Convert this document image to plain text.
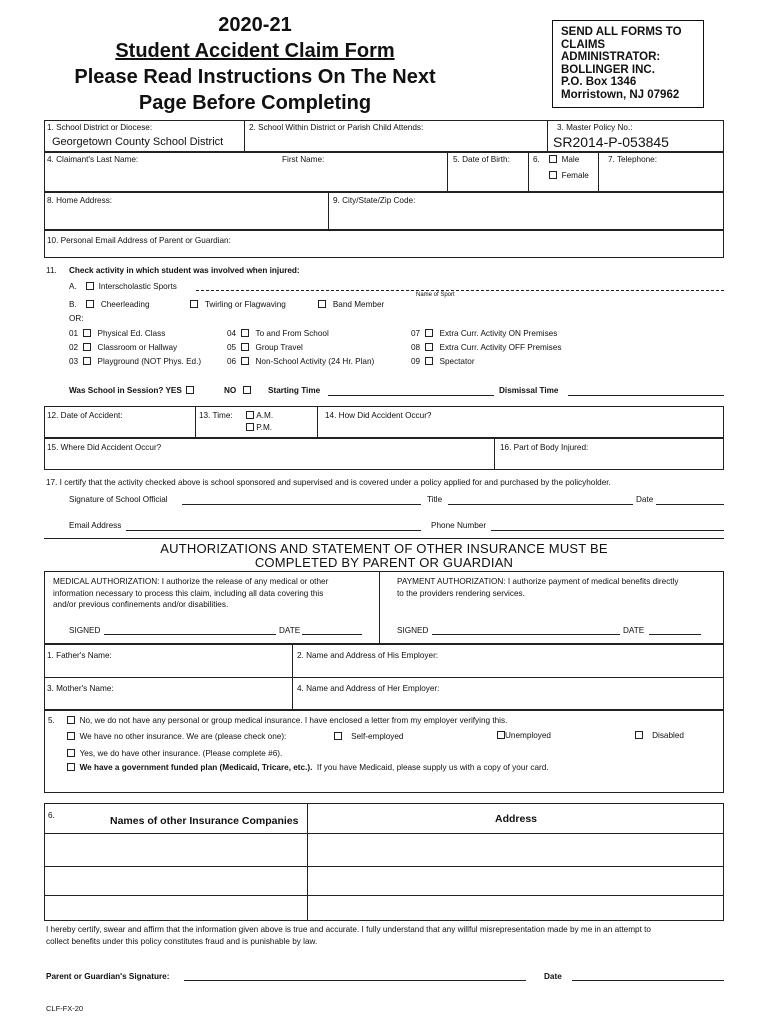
2020-21
Student Accident Claim Form
Please Read Instructions On The Next
Page Before Completing
SEND ALL FORMS TO
CLAIMS
ADMINISTRATOR:
BOLLINGER INC.
P.O. Box 1346
Morristown, NJ 07962
1. School District or Diocese:
Georgetown County School District
2. School Within District or Parish Child Attends:	3. Master Policy No.:
SR2014-P-053845
4. Claimant's Last Name:	First Name:	5. Date of Birth:	6.	Male
Female
7. Telephone:
8. Home Address:	9. City/State/Zip Code:
10. Personal Email Address of Parent or Guardian:
11. Check activity in which student was involved when injured:
A.	Interscholastic Sports
Name of Sport
B.	Cheerleading	Twirling or Flagwaving	Band Member
OR:
01 Physical Ed. Class
02 Classroom or Hallway
03 Playground (NOT Phys. Ed.)
04 To and From School
05 Group Travel
06 Non-School Activity (24 Hr. Plan)
07 Extra Curr. Activity ON Premises
08 Extra Curr. Activity OFF Premises
09 Spectator
Was School in Session? YES	NO	Starting Time	Dismissal Time
12. Date of Accident:	13. Time:	A.M.
P.M.
14. How Did Accident Occur?
15. Where Did Accident Occur?	16. Part of Body Injured:
17. I certify that the activity checked above is school sponsored and supervised and is covered under a policy applied for and purchased by the policyholder.
Signature of School Official	Title	Date
Email Address	Phone Number
AUTHORIZATIONS AND STATEMENT OF OTHER INSURANCE MUST BE
COMPLETED BY PARENT OR GUARDIAN
MEDICAL AUTHORIZATION: I authorize the release of any medical or other
information necessary to process this claim, including all data covering this
and/or previous confinements and/or disabilities.
PAYMENT AUTHORIZATION: I authorize payment of medical benefits directly
to the providers rendering services.
SIGNED	DATE	SIGNED	DATE
1. Father's Name:	2. Name and Address of His Employer:
3. Mother's Name:	4. Name and Address of Her Employer:
5.	No, we do not have any personal or group medical insurance. I have enclosed a letter from my employer verifying this.
We have no other insurance. We are (please check one):	Self-employed	Unemployed	Disabled
Yes, we do have other insurance. (Please complete #6).
We have a government funded plan (Medicaid, Tricare, etc.). If you have Medicaid, please supply us with a copy of your card.
6.	Names of other Insurance Companies	Address
I hereby certify, swear and affirm that the information given above is true and accurate. I fully understand that any willful misrepresentation made by me in an attempt to
collect benefits under this policy constitutes fraud and is punishable by law.
Parent or Guardian's Signature:	Date
CLF-FX-20
